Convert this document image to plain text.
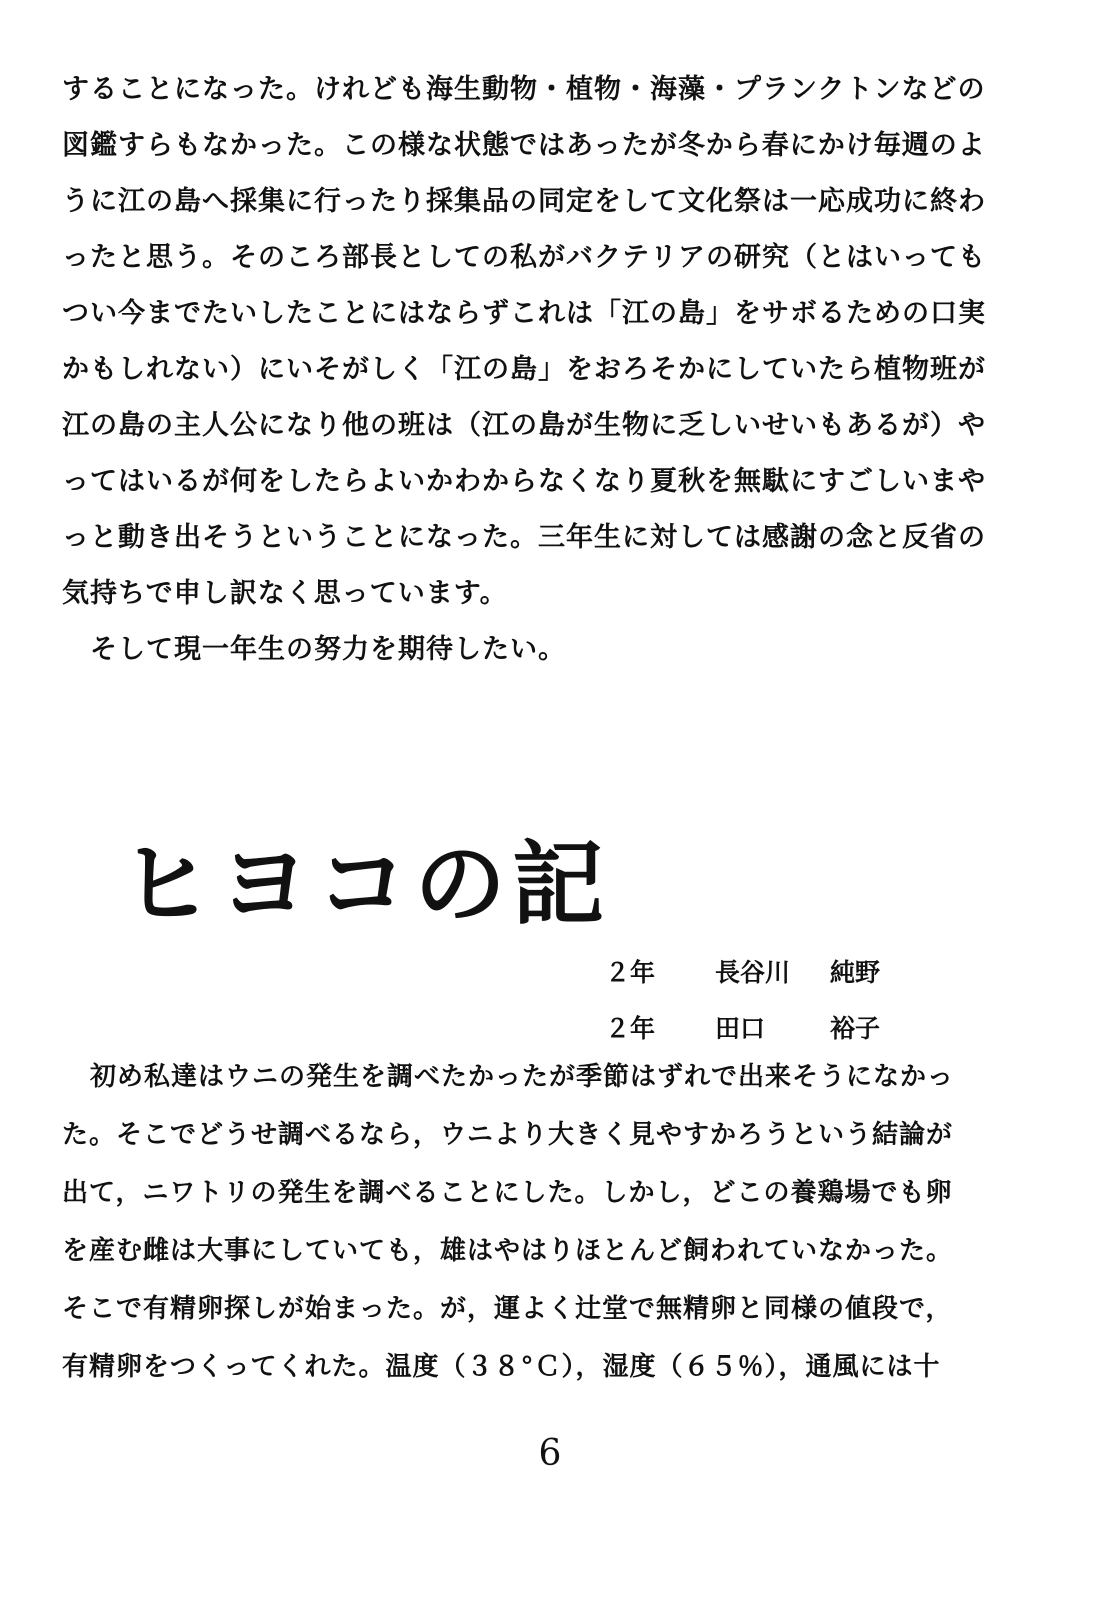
することになった。けれども海生動物・植物・海藻・プランクトンなどの
図鑑すらもなかった。この様な状態ではあったが冬から春にかけ毎週のよ
うに江の島へ採集に行ったり採集品の同定をして文化祭は一応成功に終わ
ったと思う。そのころ部長としての私がバクテリアの研究（とはいっても
つい今までたいしたことにはならずこれは「江の島」をサボるための口実
かもしれない）にいそがしく「江の島」をおろそかにしていたら植物班が
江の島の主人公になり他の班は（江の島が生物に乏しいせいもあるが）や
ってはいるが何をしたらよいかわからなくなり夏秋を無駄にすごしいまや
っと動き出そうということになった。三年生に対しては感謝の念と反省の
気持ちで申し訳なく思っています。
そして現一年生の努力を期待したい。
ヒヨコの記
２年	長谷川	純野
２年	田口	裕子
初め私達はウニの発生を調べたかったが季節はずれで出来そうになかっ
た。そこでどうせ調べるなら，ウニより大きく見やすかろうという結論が
出て，ニワトリの発生を調べることにした。しかし，どこの養鶏場でも卵
を産む雌は大事にしていても，雄はやはりほとんど飼われていなかった。
そこで有精卵探しが始まった。が，運よく辻堂で無精卵と同様の値段で，
有精卵をつくってくれた。温度（３８°Ｃ），湿度（６５％），通風には十
6
